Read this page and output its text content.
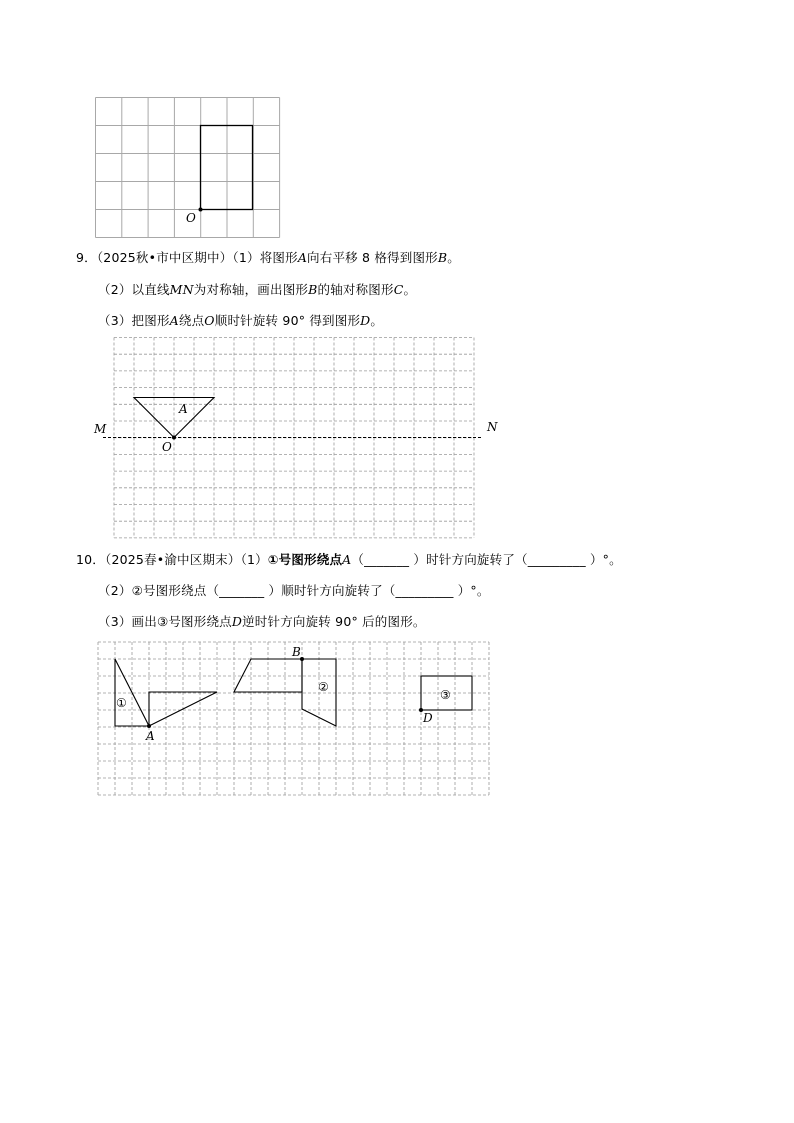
9．（2025秋•市中区期中）（1）将图形A向右平移 8 格得到图形B。
（2）以直线MN为对称轴，画出图形B的轴对称图形C。
（3）把图形A绕点O顺时针旋转 90° 得到图形D。
10．（2025春•渝中区期末）（1）①号图形绕点A（_______ ）时针方向旋转了（_________ ）°。
（2）②号图形绕点（_______ ）顺时针方向旋转了（_________ ）°。
（3）画出③号图形绕点D逆时针方向旋转 90° 后的图形。
O
M	N
A
O
①
②
③
A
B
D
